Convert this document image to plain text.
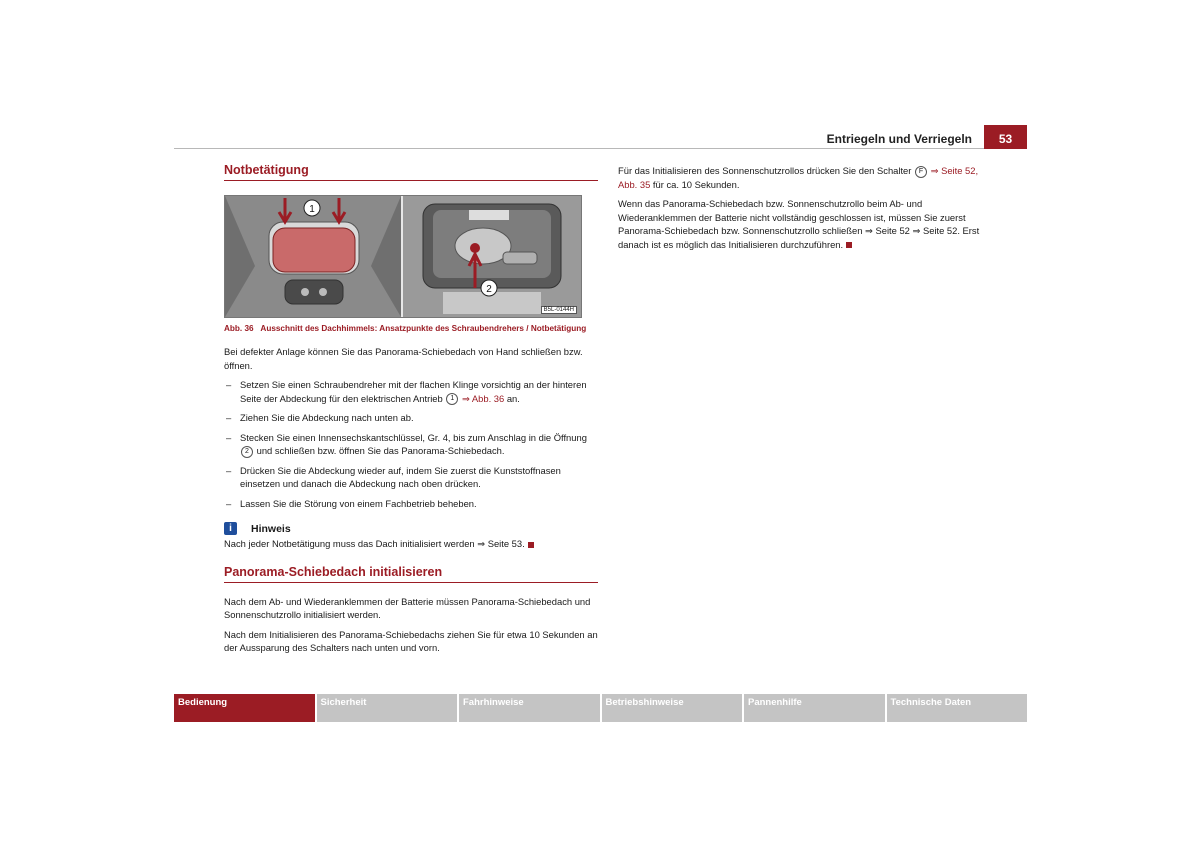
Entriegeln und Verriegeln	53
Notbetätigung
1
2
B5L-0144H
Abb. 36 Ausschnitt des Dachhimmels: Ansatzpunkte des Schraubendrehers / Notbetätigung

Bei defekter Anlage können Sie das Panorama-Schiebedach von Hand schließen bzw. öffnen.

– Setzen Sie einen Schraubendreher mit der flachen Klinge vorsichtig an der hinteren Seite der Abdeckung für den elektrischen Antrieb 1 ⇒ Abb. 36 an.
– Ziehen Sie die Abdeckung nach unten ab.
– Stecken Sie einen Innensechskantschlüssel, Gr. 4, bis zum Anschlag in die Öffnung 2 und schließen bzw. öffnen Sie das Panorama-Schiebedach.
– Drücken Sie die Abdeckung wieder auf, indem Sie zuerst die Kunststoffnasen einsetzen und danach die Abdeckung nach oben drücken.
– Lassen Sie die Störung von einem Fachbetrieb beheben.
i	Hinweis

Nach jeder Notbetätigung muss das Dach initialisiert werden ⇒ Seite 53.

Panorama-Schiebedach initialisieren

Nach dem Ab- und Wiederanklemmen der Batterie müssen Panorama-Schiebedach und Sonnenschutzrollo initialisiert werden.

Nach dem Initialisieren des Panorama-Schiebedachs ziehen Sie für etwa 10 Sekunden an der Aussparung des Schalters nach unten und vorn.

Für das Initialisieren des Sonnenschutzrollos drücken Sie den Schalter F ⇒ Seite 52, Abb. 35 für ca. 10 Sekunden.

Wenn das Panorama-Schiebedach bzw. Sonnenschutzrollo beim Ab- und Wiederanklemmen der Batterie nicht vollständig geschlossen ist, müssen Sie zuerst Panorama-Schiebedach bzw. Sonnenschutzrollo schließen ⇒ Seite 52 ⇒ Seite 52. Erst danach ist es möglich das Initialisieren durchzuführen.

Bedienung	Sicherheit	Fahrhinweise	Betriebshinweise	Pannenhilfe	Technische Daten
